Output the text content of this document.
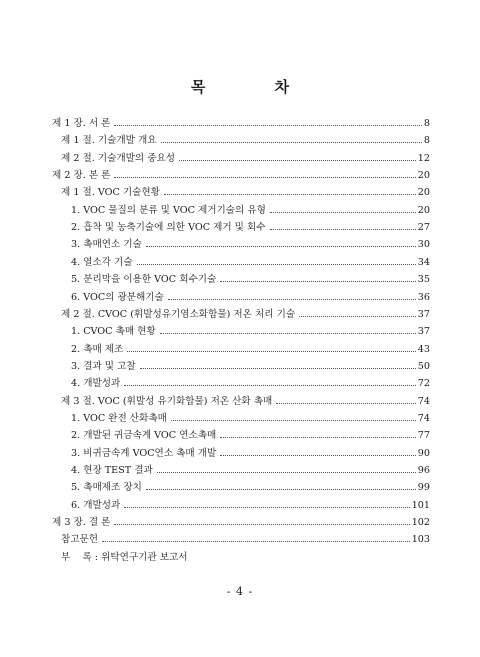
목 차
제 1 장. 서 론	8
제 1 절. 기술개발 개요	8
제 2 절. 기술개발의 중요성	12
제 2 장. 본 론	20
제 1 절. VOC 기술현황	20
1. VOC 물질의 분류 및 VOC 제거기술의 유형	20
2. 흡착 및 농축기술에 의한 VOC 제거 및 회수	27
3. 촉매연소 기술	30
4. 열소각 기술	34
5. 분리막을 이용한 VOC 회수기술	35
6. VOC의 광분해기술	36
제 2 절. CVOC (휘발성유기염소화합물) 저온 처리 기술	37
1. CVOC 촉매 현황	37
2. 촉매 제조	43
3. 결과 및 고찰	50
4. 개발성과	72
제 3 절. VOC (휘발성 유기화합물) 저온 산화 촉매	74
1. VOC 완전 산화촉매	74
2. 개발된 귀금속계 VOC 연소촉매	77
3. 비귀금속계 VOC연소 촉매 개발	90
4. 현장 TEST 결과	96
5. 촉매제조 장치	99
6. 개발성과	101
제 3 장. 결 론	102
참고문헌	103
부    록 : 위탁연구기관 보고서
- 4 -
